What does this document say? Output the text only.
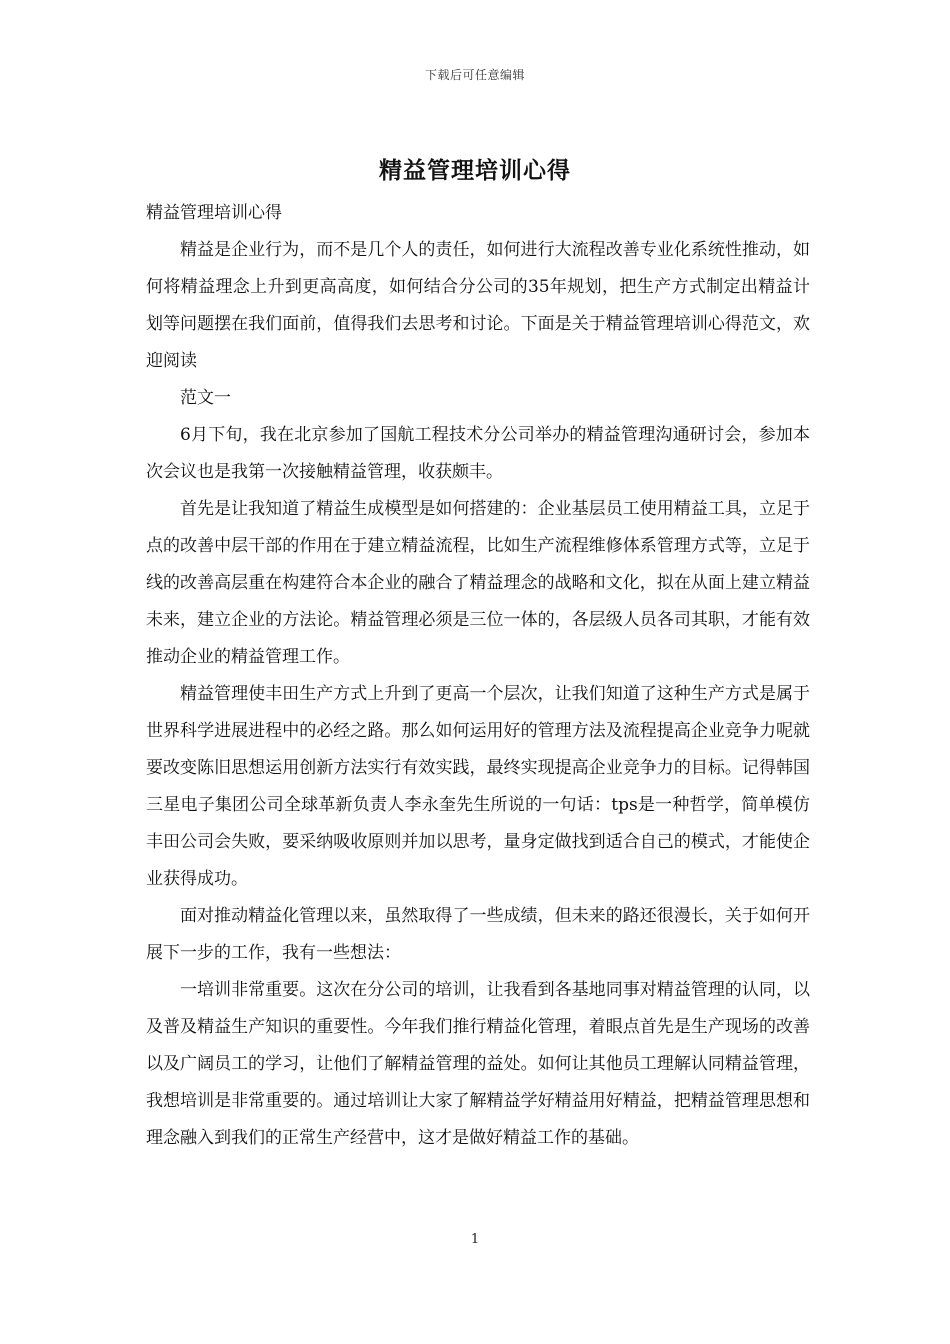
下载后可任意编辑
精益管理培训心得

精益管理培训心得

精益是企业行为，而不是几个人的责任，如何进行大流程改善专业化系统性推动，如何将精益理念上升到更高高度，如何结合分公司的35年规划，把生产方式制定出精益计划等问题摆在我们面前，值得我们去思考和讨论。下面是关于精益管理培训心得范文，欢迎阅读

范文一

6月下旬，我在北京参加了国航工程技术分公司举办的精益管理沟通研讨会，参加本次会议也是我第一次接触精益管理，收获颇丰。

首先是让我知道了精益生成模型是如何搭建的：企业基层员工使用精益工具，立足于点的改善中层干部的作用在于建立精益流程，比如生产流程维修体系管理方式等，立足于线的改善高层重在构建符合本企业的融合了精益理念的战略和文化，拟在从面上建立精益未来，建立企业的方法论。精益管理必须是三位一体的，各层级人员各司其职，才能有效推动企业的精益管理工作。

精益管理使丰田生产方式上升到了更高一个层次，让我们知道了这种生产方式是属于世界科学进展进程中的必经之路。那么如何运用好的管理方法及流程提高企业竞争力呢就要改变陈旧思想运用创新方法实行有效实践，最终实现提高企业竞争力的目标。记得韩国三星电子集团公司全球革新负责人李永奎先生所说的一句话：tps是一种哲学，简单模仿丰田公司会失败，要采纳吸收原则并加以思考，量身定做找到适合自己的模式，才能使企业获得成功。

面对推动精益化管理以来，虽然取得了一些成绩，但未来的路还很漫长，关于如何开展下一步的工作，我有一些想法：

一培训非常重要。这次在分公司的培训，让我看到各基地同事对精益管理的认同，以及普及精益生产知识的重要性。今年我们推行精益化管理，着眼点首先是生产现场的改善以及广阔员工的学习，让他们了解精益管理的益处。如何让其他员工理解认同精益管理，我想培训是非常重要的。通过培训让大家了解精益学好精益用好精益，把精益管理思想和理念融入到我们的正常生产经营中，这才是做好精益工作的基础。

1
